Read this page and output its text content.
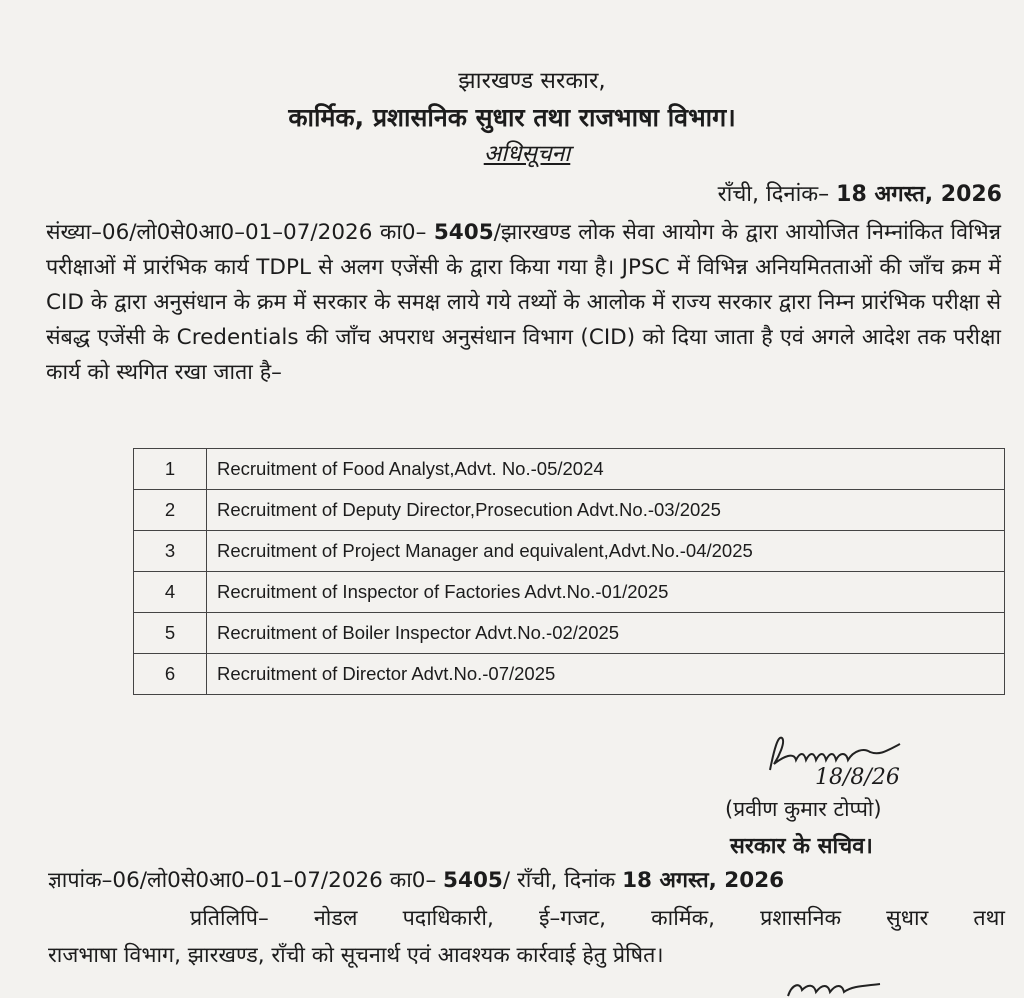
झारखण्ड सरकार,
कार्मिक, प्रशासनिक सुधार तथा राजभाषा विभाग।
अधिसूचना
राँची, दिनांक– 18 अगस्त, 2026
संख्या–06/लो0से0आ0–01–07/2026 का0– 5405/झारखण्ड लोक सेवा आयोग के द्वारा आयोजित निम्नांकित विभिन्न परीक्षाओं में प्रारंभिक कार्य TDPL से अलग एजेंसी के द्वारा किया गया है। JPSC में विभिन्न अनियमितताओं की जाँच क्रम में CID के द्वारा अनुसंधान के क्रम में सरकार के समक्ष लाये गये तथ्यों के आलोक में राज्य सरकार द्वारा निम्न प्रारंभिक परीक्षा से संबद्ध एजेंसी के Credentials की जाँच अपराध अनुसंधान विभाग (CID) को दिया जाता है एवं अगले आदेश तक परीक्षा कार्य को स्थगित रखा जाता है–
1	Recruitment of Food Analyst,Advt. No.-05/2024
2	Recruitment of Deputy Director,Prosecution Advt.No.-03/2025
3	Recruitment of Project Manager and equivalent,Advt.No.-04/2025
4	Recruitment of Inspector of Factories Advt.No.-01/2025
5	Recruitment of Boiler Inspector Advt.No.-02/2025
6	Recruitment of Director Advt.No.-07/2025
18/8/26
(प्रवीण कुमार टोप्पो)
सरकार के सचिव।
ज्ञापांक–06/लो0से0आ0–01–07/2026 का0– 5405/ राँची, दिनांक 18 अगस्त, 2026
प्रतिलिपि– नोडल पदाधिकारी, ई–गजट, कार्मिक, प्रशासनिक सुधार तथा
राजभाषा विभाग, झारखण्ड, राँची को सूचनार्थ एवं आवश्यक कार्रवाई हेतु प्रेषित।
